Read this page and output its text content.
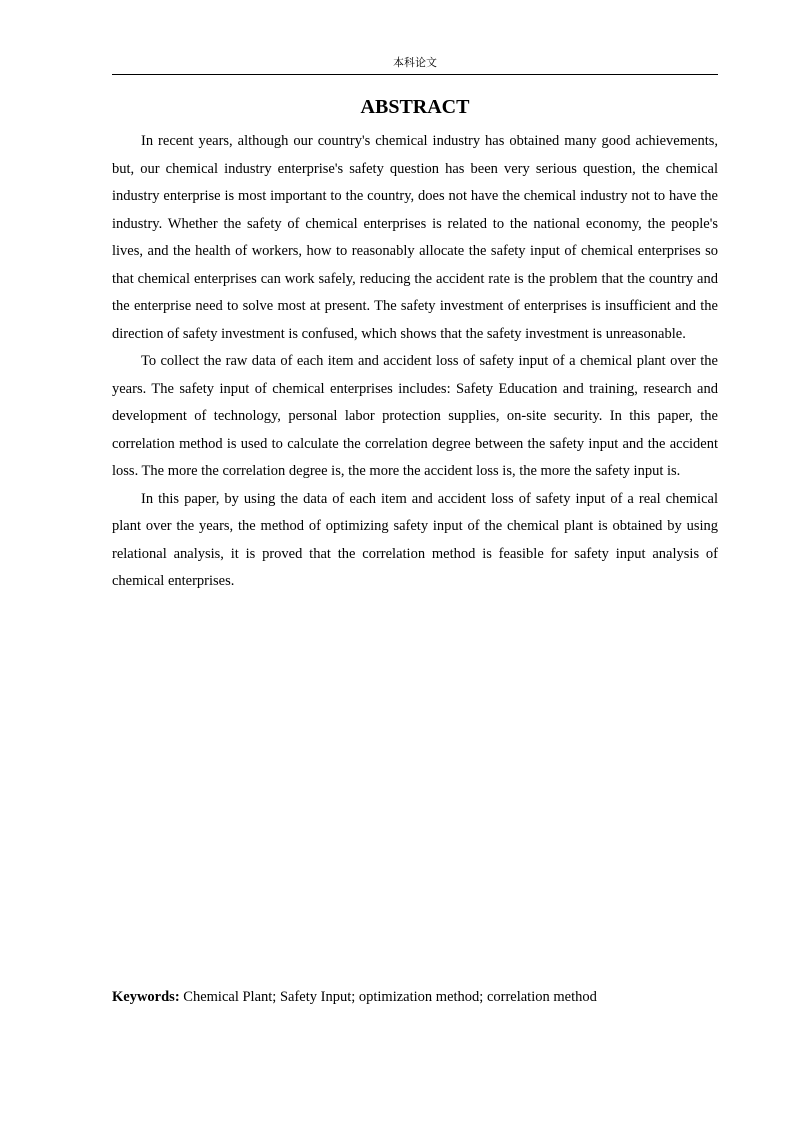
本科论文
ABSTRACT

In recent years, although our country's chemical industry has obtained many good achievements, but, our chemical industry enterprise's safety question has been very serious question, the chemical industry enterprise is most important to the country, does not have the chemical industry not to have the industry. Whether the safety of chemical enterprises is related to the national economy, the people's lives, and the health of workers, how to reasonably allocate the safety input of chemical enterprises so that chemical enterprises can work safely, reducing the accident rate is the problem that the country and the enterprise need to solve most at present. The safety investment of enterprises is insufficient and the direction of safety investment is confused, which shows that the safety investment is unreasonable.

To collect the raw data of each item and accident loss of safety input of a chemical plant over the years. The safety input of chemical enterprises includes: Safety Education and training, research and development of technology, personal labor protection supplies, on-site security. In this paper, the correlation method is used to calculate the correlation degree between the safety input and the accident loss. The more the correlation degree is, the more the accident loss is, the more the safety input is.

In this paper, by using the data of each item and accident loss of safety input of a real chemical plant over the years, the method of optimizing safety input of the chemical plant is obtained by using relational analysis, it is proved that the correlation method is feasible for safety input analysis of chemical enterprises.

Keywords: Chemical Plant; Safety Input; optimization method; correlation method
